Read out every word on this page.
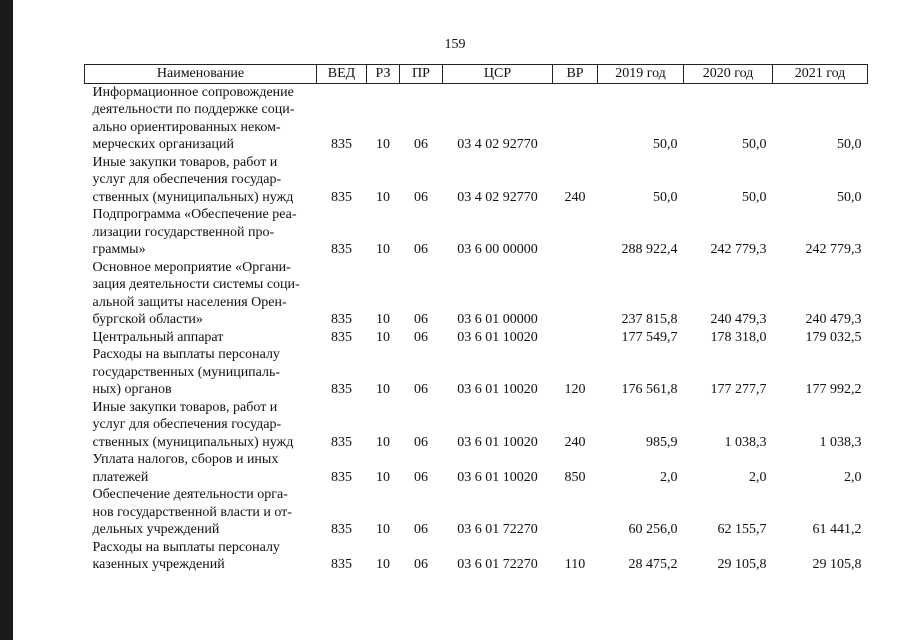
159
Наименование	ВЕД	РЗ	ПР	ЦСР	ВР	2019 год	2020 год	2021 год

Информационное сопровождение
деятельности по поддержке соци-
ально ориентированных неком-
мерческих организаций	835	10	06	03 4 02 92770		50,0	50,0	50,0

Иные закупки товаров, работ и
услуг для обеспечения государ-
ственных (муниципальных) нужд	835	10	06	03 4 02 92770	240	50,0	50,0	50,0

Подпрограмма «Обеспечение реа-
лизации государственной про-
граммы»	835	10	06	03 6 00 00000		288 922,4	242 779,3	242 779,3

Основное мероприятие «Органи-
зация деятельности системы соци-
альной защиты населения Орен-
бургской области»	835	10	06	03 6 01 00000		237 815,8	240 479,3	240 479,3

Центральный аппарат	835	10	06	03 6 01 10020		177 549,7	178 318,0	179 032,5

Расходы на выплаты персоналу
государственных (муниципаль-
ных) органов	835	10	06	03 6 01 10020	120	176 561,8	177 277,7	177 992,2

Иные закупки товаров, работ и
услуг для обеспечения государ-
ственных (муниципальных) нужд	835	10	06	03 6 01 10020	240	985,9	1 038,3	1 038,3

Уплата налогов, сборов и иных
платежей	835	10	06	03 6 01 10020	850	2,0	2,0	2,0

Обеспечение деятельности орга-
нов государственной власти и от-
дельных учреждений	835	10	06	03 6 01 72270		60 256,0	62 155,7	61 441,2

Расходы на выплаты персоналу
казенных учреждений	835	10	06	03 6 01 72270	110	28 475,2	29 105,8	29 105,8
